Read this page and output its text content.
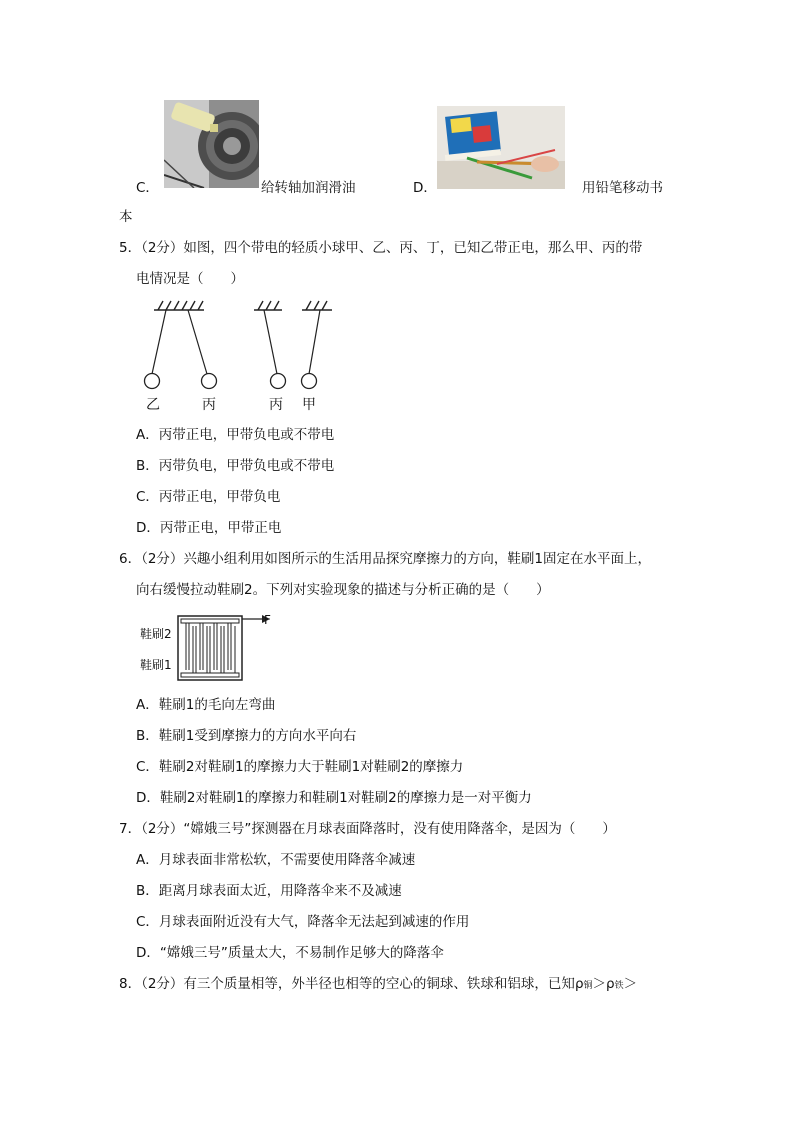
C．	给转轴加润滑油	D．	用铅笔移动书
本
5．（2分）如图，四个带电的轻质小球甲、乙、丙、丁，已知乙带正电，那么甲、丙的带
电情况是（　　）
乙	丙	丙 甲
A．丙带正电，甲带负电或不带电
B．丙带负电，甲带负电或不带电
C．丙带正电，甲带负电
D．丙带正电，甲带正电
6．（2分）兴趣小组利用如图所示的生活用品探究摩擦力的方向，鞋刷1固定在水平面上，
向右缓慢拉动鞋刷2。下列对实验现象的描述与分析正确的是（　　）
鞋刷2
鞋刷1
F
A．鞋刷1的毛向左弯曲
B．鞋刷1受到摩擦力的方向水平向右
C．鞋刷2对鞋刷1的摩擦力大于鞋刷1对鞋刷2的摩擦力
D．鞋刷2对鞋刷1的摩擦力和鞋刷1对鞋刷2的摩擦力是一对平衡力
7．（2分）“嫦娥三号”探测器在月球表面降落时，没有使用降落伞，是因为（　　）
A．月球表面非常松软，不需要使用降落伞减速
B．距离月球表面太近，用降落伞来不及减速
C．月球表面附近没有大气，降落伞无法起到减速的作用
D．“嫦娥三号”质量太大，不易制作足够大的降落伞
8．（2分）有三个质量相等，外半径也相等的空心的铜球、铁球和铝球，已知ρ铜＞ρ铁＞
